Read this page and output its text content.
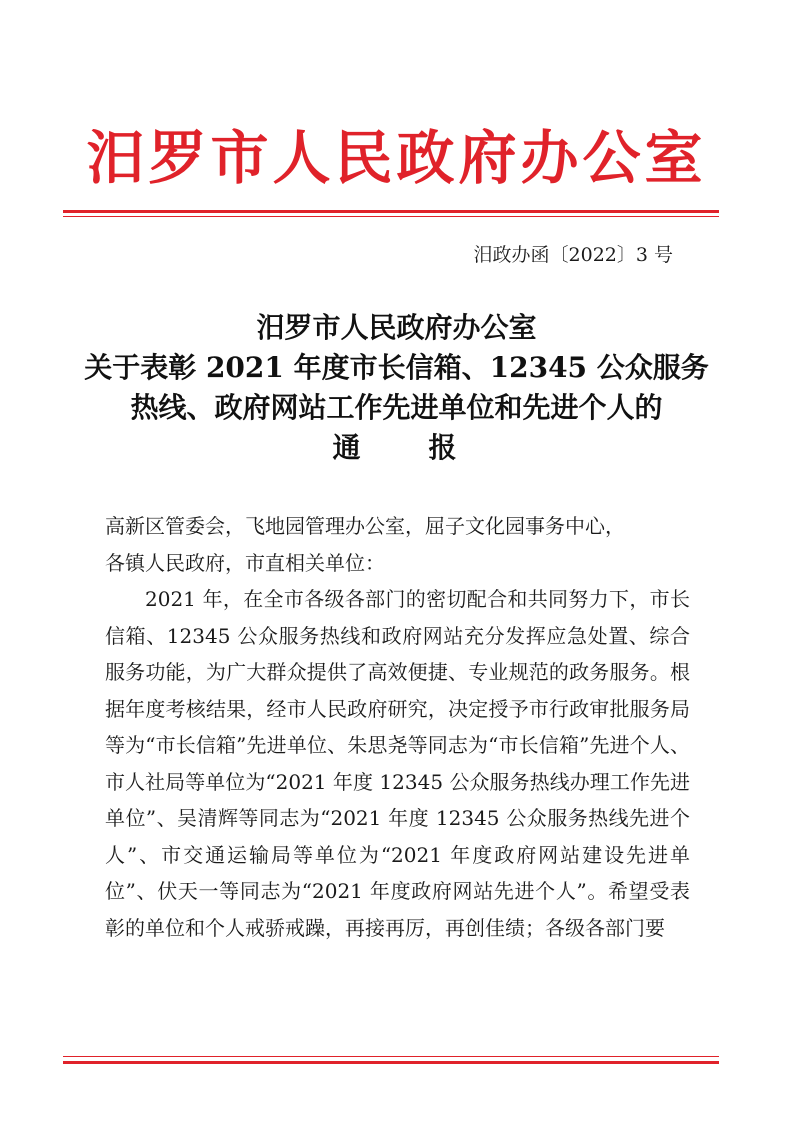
汨罗市人民政府办公室
汨政办函〔2022〕3 号
汨罗市人民政府办公室
关于表彰 2021 年度市长信箱、12345 公众服务
热线、政府网站工作先进单位和先进个人的
通　　报

高新区管委会，飞地园管理办公室，屈子文化园事务中心，

各镇人民政府，市直相关单位：

2021 年，在全市各级各部门的密切配合和共同努力下，市长信箱、12345 公众服务热线和政府网站充分发挥应急处置、综合服务功能，为广大群众提供了高效便捷、专业规范的政务服务。根据年度考核结果，经市人民政府研究，决定授予市行政审批服务局等为“市长信箱”先进单位、朱思尧等同志为“市长信箱”先进个人、市人社局等单位为“2021 年度 12345 公众服务热线办理工作先进单位”、吴清辉等同志为“2021 年度 12345 公众服务热线先进个人”、市交通运输局等单位为“2021 年度政府网站建设先进单位”、伏天一等同志为“2021 年度政府网站先进个人”。希望受表彰的单位和个人戒骄戒躁，再接再厉，再创佳绩；各级各部门要
